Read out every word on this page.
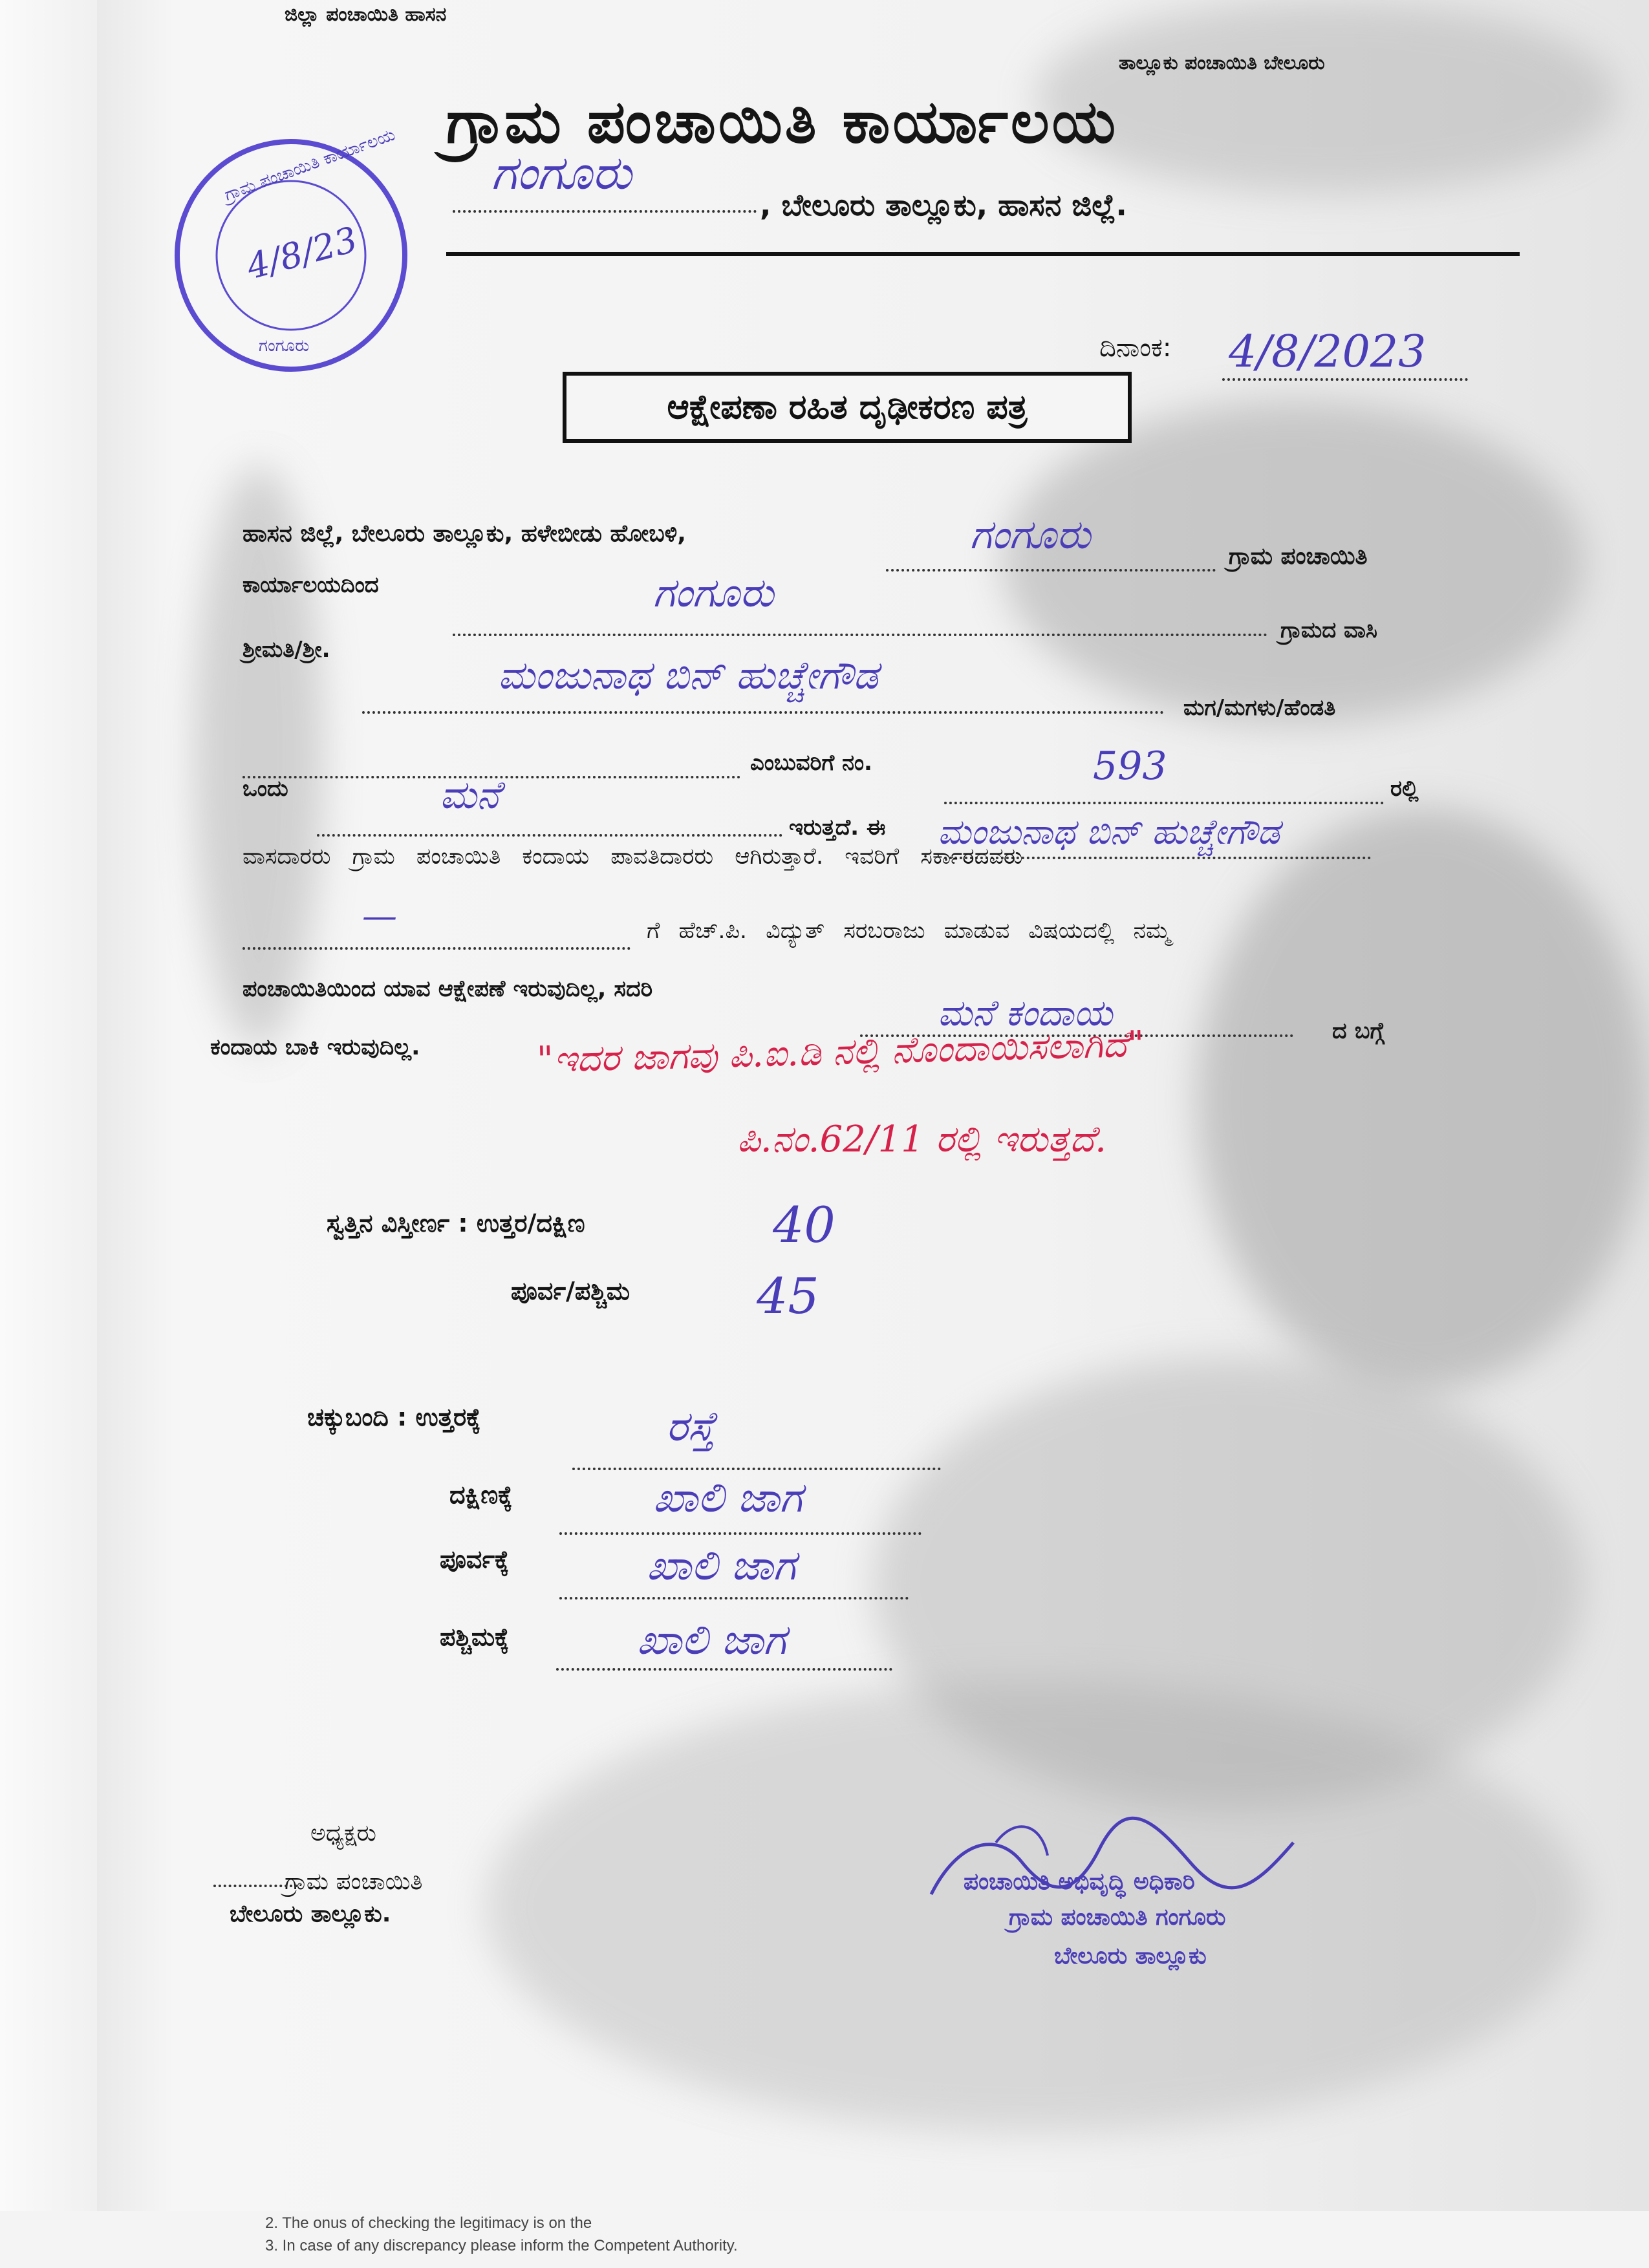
ಜಿಲ್ಲಾ ಪಂಚಾಯಿತಿ ಹಾಸನ
ತಾಲ್ಲೂಕು ಪಂಚಾಯಿತಿ ಬೇಲೂರು
ಗ್ರಾಮ ಪಂಚಾಯಿತಿ ಕಾರ್ಯಾಲಯ
ಗಂಗೂರು
, ಬೇಲೂರು ತಾಲ್ಲೂಕು, ಹಾಸನ ಜಿಲ್ಲೆ.
ಗ್ರಾಮ ಪಂಚಾಯಿತಿ ಕಾರ್ಯಾಲಯ
4/8/23
ಗಂಗೂರು	ದಿನಾಂಕ: 4/8/2023
ಆಕ್ಷೇಪಣಾ ರಹಿತ ದೃಢೀಕರಣ ಪತ್ರ
ಹಾಸನ ಜಿಲ್ಲೆ, ಬೇಲೂರು ತಾಲ್ಲೂಕು, ಹಳೇಬೀಡು ಹೋಬಳಿ,	ಗಂಗೂರು	ಗ್ರಾಮ ಪಂಚಾಯಿತಿ
ಕಾರ್ಯಾಲಯದಿಂದ	ಗಂಗೂರು
ಗ್ರಾಮದ ವಾಸಿ
ಶ್ರೀಮತಿ/ಶ್ರೀ.
ಮಂಜುನಾಥ ಬಿನ್ ಹುಚ್ಚೇಗೌಡ
ಮಗ/ಮಗಳು/ಹೆಂಡತಿ
ಎಂಬುವರಿಗೆ ನಂ.	593
ಒಂದು	ಮನೆ
ಇರುತ್ತದೆ. ಈ ಮಂಜುನಾಥ ಬಿನ್ ಹುಚ್ಚೇಗೌಡ
ರಲ್ಲಿ
ವಾಸದಾರರು ಗ್ರಾಮ ಪಂಚಾಯಿತಿ ಕಂದಾಯ ಪಾವತಿದಾರರು ಆಗಿರುತ್ತಾರೆ. ಇವರಿಗೆ ಸರ್ಕಾರದವರು
—	ಗೆ ಹೆಚ್.ಪಿ. ವಿದ್ಯುತ್ ಸರಬರಾಜು ಮಾಡುವ ವಿಷಯದಲ್ಲಿ ನಮ್ಮ
ಪಂಚಾಯಿತಿಯಿಂದ ಯಾವ ಆಕ್ಷೇಪಣೆ ಇರುವುದಿಲ್ಲ, ಸದರಿ
ಮನೆ ಕಂದಾಯ	ದ ಬಗ್ಗೆ
ಕಂದಾಯ ಬಾಕಿ ಇರುವುದಿಲ್ಲ.	"ಇದರ ಜಾಗವು ಪಿ.ಐ.ಡಿ ನಲ್ಲಿ ನೊಂದಾಯಿಸಲಾಗಿದೆ"
ಪಿ.ನಂ.62/11 ರಲ್ಲಿ ಇರುತ್ತದೆ.
ಸ್ವತ್ತಿನ ವಿಸ್ತೀರ್ಣ : ಉತ್ತರ/ದಕ್ಷಿಣ	40
ಪೂರ್ವ/ಪಶ್ಚಿಮ	45
ಚಕ್ಕುಬಂದಿ : ಉತ್ತರಕ್ಕೆ	ರಸ್ತೆ
ದಕ್ಷಿಣಕ್ಕೆ	ಖಾಲಿ ಜಾಗ
ಪೂರ್ವಕ್ಕೆ	ಖಾಲಿ ಜಾಗ
ಪಶ್ಚಿಮಕ್ಕೆ	ಖಾಲಿ ಜಾಗ
ಅಧ್ಯಕ್ಷರು
ಗ್ರಾಮ ಪಂಚಾಯಿತಿ
ಬೇಲೂರು ತಾಲ್ಲೂಕು.
ಪಂಚಾಯಿತಿ ಅಭಿವೃದ್ಧಿ ಅಧಿಕಾರಿ
ಗ್ರಾಮ ಪಂಚಾಯಿತಿ ಗಂಗೂರು
ಬೇಲೂರು ತಾಲ್ಲೂಕು
2. The onus of checking the legitimacy is on the
3. In case of any discrepancy please inform the Competent Authority.
